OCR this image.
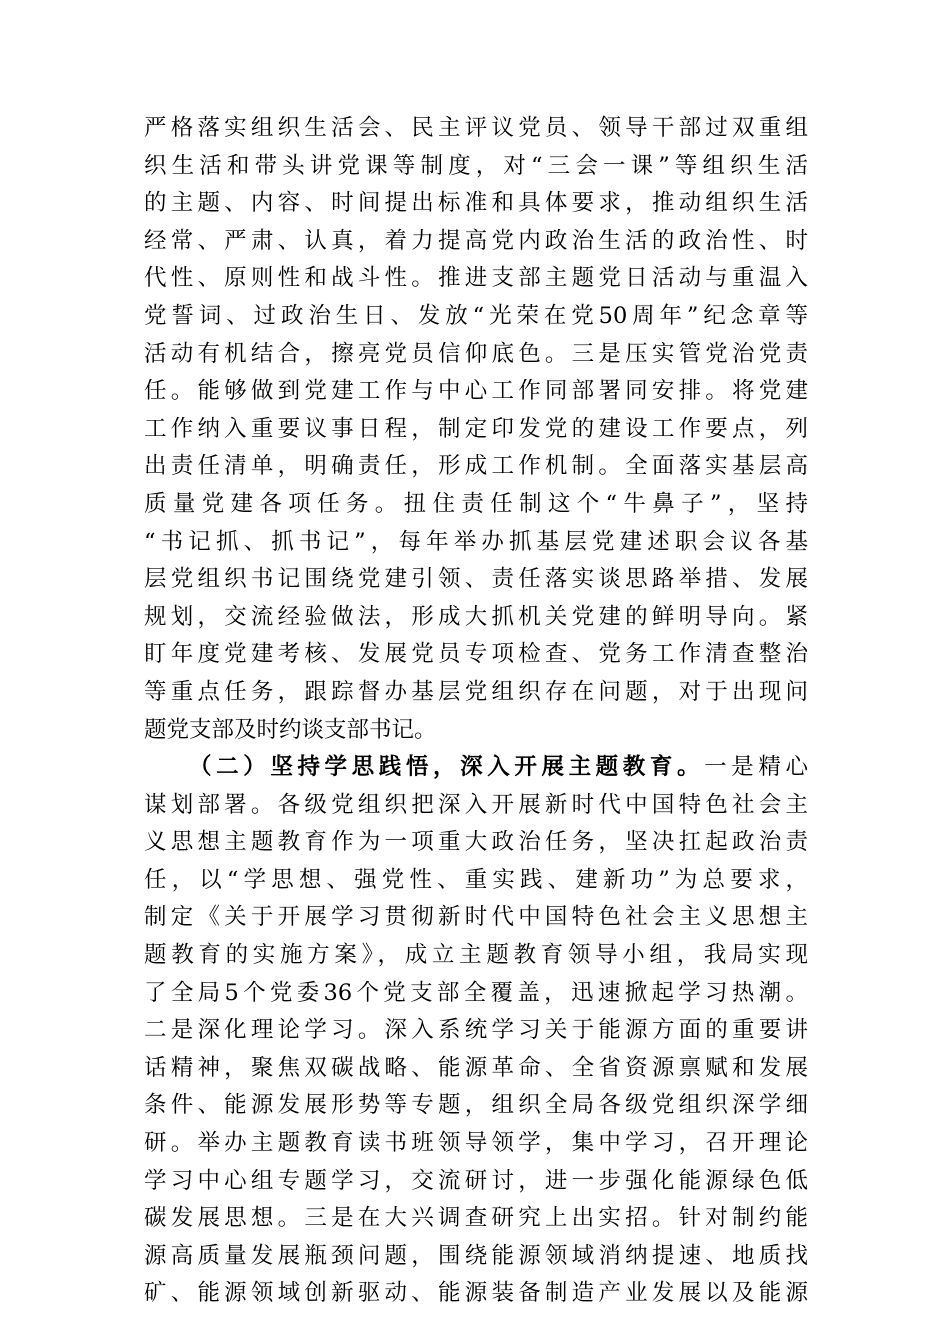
严格落实组织生活会、民主评议党员、领导干部过双重组
织生活和带头讲党课等制度，对“三会一课”等组织生活
的主题、内容、时间提出标准和具体要求，推动组织生活
经常、严肃、认真，着力提高党内政治生活的政治性、时
代性、原则性和战斗性。推进支部主题党日活动与重温入
党誓词、过政治生日、发放“光荣在党50周年”纪念章等
活动有机结合，擦亮党员信仰底色。三是压实管党治党责
任。能够做到党建工作与中心工作同部署同安排。将党建
工作纳入重要议事日程，制定印发党的建设工作要点，列
出责任清单，明确责任，形成工作机制。全面落实基层高
质量党建各项任务。扭住责任制这个“牛鼻子”，坚持
“书记抓、抓书记”，每年举办抓基层党建述职会议各基
层党组织书记围绕党建引领、责任落实谈思路举措、发展
规划，交流经验做法，形成大抓机关党建的鲜明导向。紧
盯年度党建考核、发展党员专项检查、党务工作清查整治
等重点任务，跟踪督办基层党组织存在问题，对于出现问
题党支部及时约谈支部书记。
（二）坚持学思践悟，深入开展主题教育。一是精心
谋划部署。各级党组织把深入开展新时代中国特色社会主
义思想主题教育作为一项重大政治任务，坚决扛起政治责
任，以“学思想、强党性、重实践、建新功”为总要求，
制定《关于开展学习贯彻新时代中国特色社会主义思想主
题教育的实施方案》，成立主题教育领导小组，我局实现
了全局5个党委36个党支部全覆盖，迅速掀起学习热潮。
二是深化理论学习。深入系统学习关于能源方面的重要讲
话精神，聚焦双碳战略、能源革命、全省资源禀赋和发展
条件、能源发展形势等专题，组织全局各级党组织深学细
研。举办主题教育读书班领导领学，集中学习，召开理论
学习中心组专题学习，交流研讨，进一步强化能源绿色低
碳发展思想。三是在大兴调查研究上出实招。针对制约能
源高质量发展瓶颈问题，围绕能源领域消纳提速、地质找
矿、能源领域创新驱动、能源装备制造产业发展以及能源
